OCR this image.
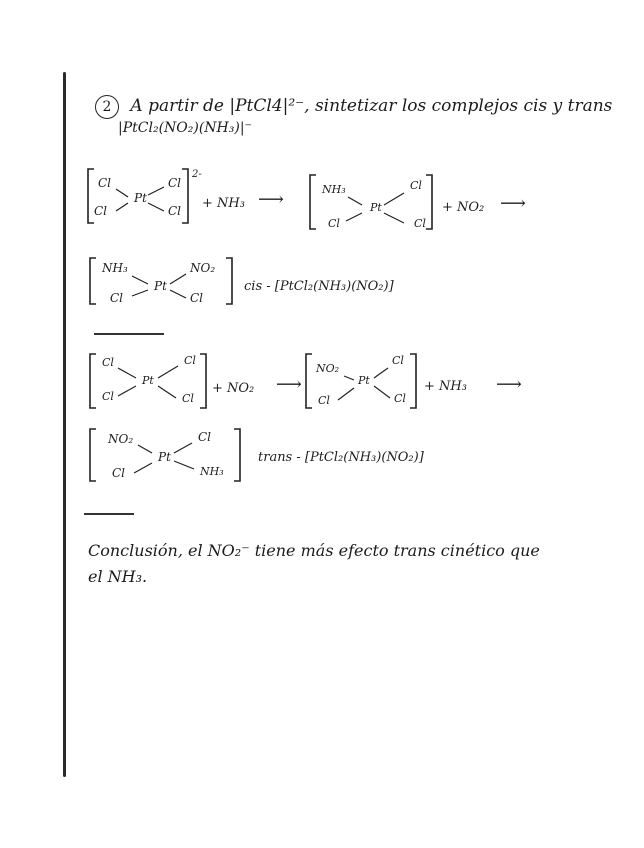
2 A partir de |PtCl4|²⁻, sintetizar los complejos cis y trans
|PtCl₂(NO₂)(NH₃)|⁻
Cl
Cl
Pt
Cl
Cl
2-
+ NH₃ ⟶	NH₃
Cl
Pt
Cl
Cl
+ NO₂ ⟶
NH₃
Cl
Pt
NO₂
Cl
cis - [PtCl₂(NH₃)(NO₂)]
Cl
Cl
Pt
Cl
Cl
+ NO₂ ⟶
NO₂
Cl
Pt
Cl
Cl
+ NH₃ ⟶
NO₂
Cl
Pt
Cl
NH₃
trans - [PtCl₂(NH₃)(NO₂)]
Conclusión, el NO₂⁻ tiene más efecto trans cinético que
el NH₃.
